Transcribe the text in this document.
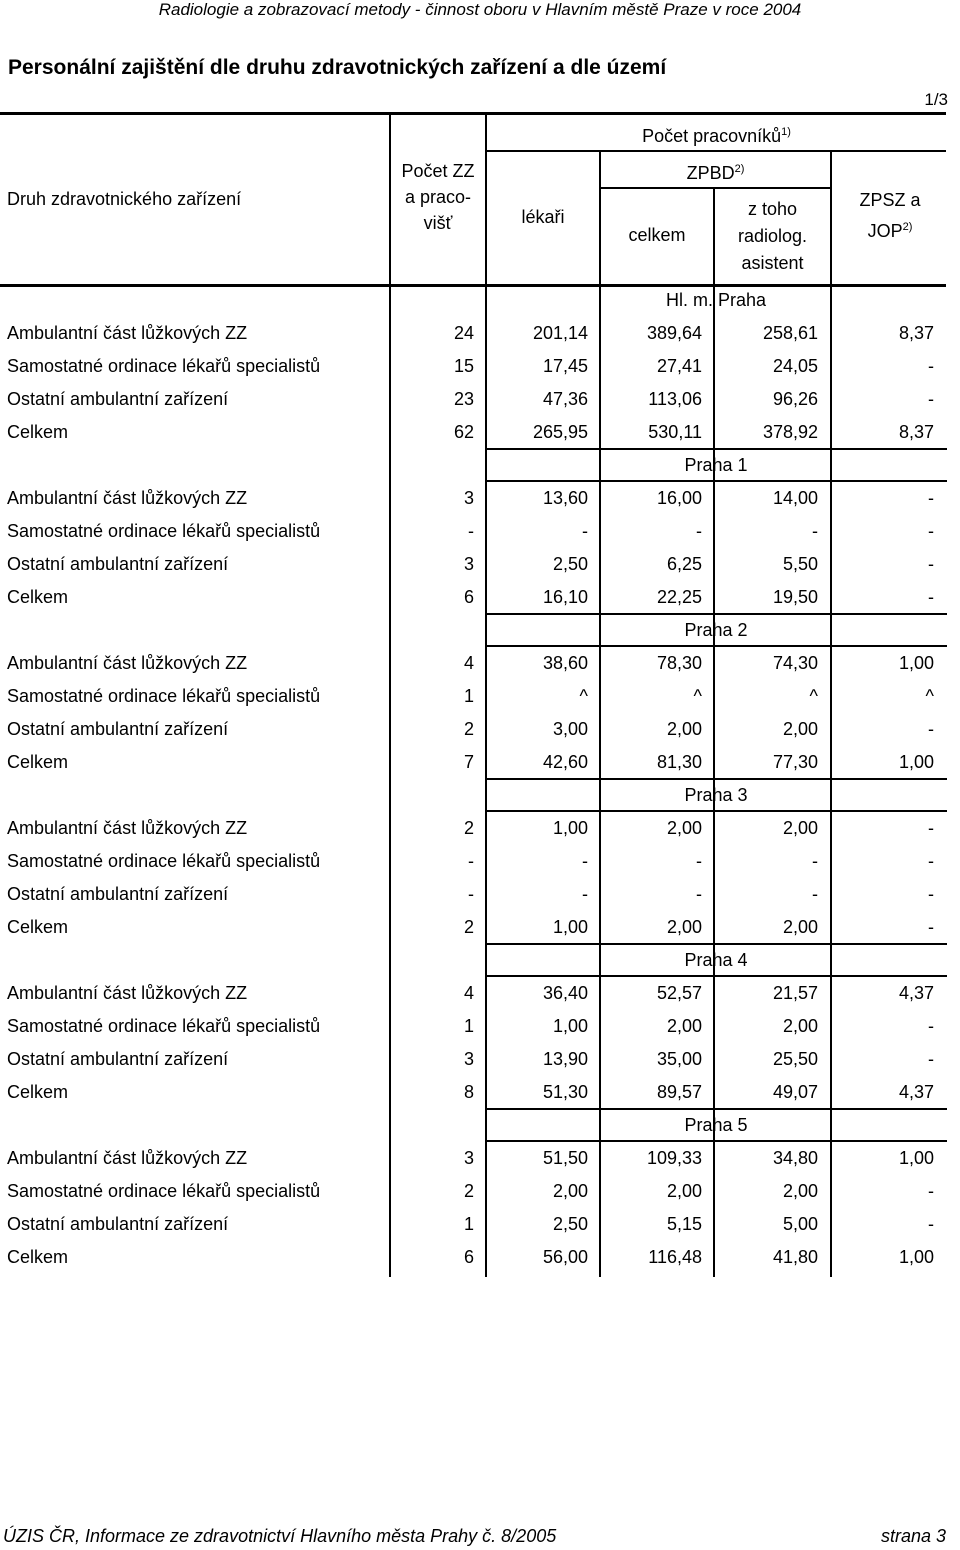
Radiologie a zobrazovací metody - činnost oboru v Hlavním městě Praze v roce 2004
Personální zajištění dle druhu zdravotnických zařízení a dle území
1/3
Druh zdravotnického zařízení
Počet ZZ
a praco-
višť
Počet pracovníků$^{1)}$
lékaři
ZPBD$^{2)}$
celkem
z toho
radiolog.
asistent
ZPSZ a
JOP$^{2)}$
Hl. m. Praha
Ambulantní část lůžkových ZZ	24	201,14	389,64	258,61	8,37
Samostatné ordinace lékařů specialistů	15	17,45	27,41	24,05	-
Ostatní ambulantní zařízení	23	47,36	113,06	96,26	-
Celkem	62	265,95	530,11	378,92	8,37
Praha 1
Ambulantní část lůžkových ZZ	3	13,60	16,00	14,00	-
Samostatné ordinace lékařů specialistů	-	-	-	-	-
Ostatní ambulantní zařízení	3	2,50	6,25	5,50	-
Celkem	6	16,10	22,25	19,50	-
Praha 2
Ambulantní část lůžkových ZZ	4	38,60	78,30	74,30	1,00
Samostatné ordinace lékařů specialistů	1	^	^	^	^
Ostatní ambulantní zařízení	2	3,00	2,00	2,00	-
Celkem	7	42,60	81,30	77,30	1,00
Praha 3
Ambulantní část lůžkových ZZ	2	1,00	2,00	2,00	-
Samostatné ordinace lékařů specialistů	-	-	-	-	-
Ostatní ambulantní zařízení	-	-	-	-	-
Celkem	2	1,00	2,00	2,00	-
Praha 4
Ambulantní část lůžkových ZZ	4	36,40	52,57	21,57	4,37
Samostatné ordinace lékařů specialistů	1	1,00	2,00	2,00	-
Ostatní ambulantní zařízení	3	13,90	35,00	25,50	-
Celkem	8	51,30	89,57	49,07	4,37
Praha 5
Ambulantní část lůžkových ZZ	3	51,50	109,33	34,80	1,00
Samostatné ordinace lékařů specialistů	2	2,00	2,00	2,00	-
Ostatní ambulantní zařízení	1	2,50	5,15	5,00	-
Celkem	6	56,00	116,48	41,80	1,00
ÚZIS ČR, Informace ze zdravotnictví Hlavního města Prahy č. 8/2005	strana 3
